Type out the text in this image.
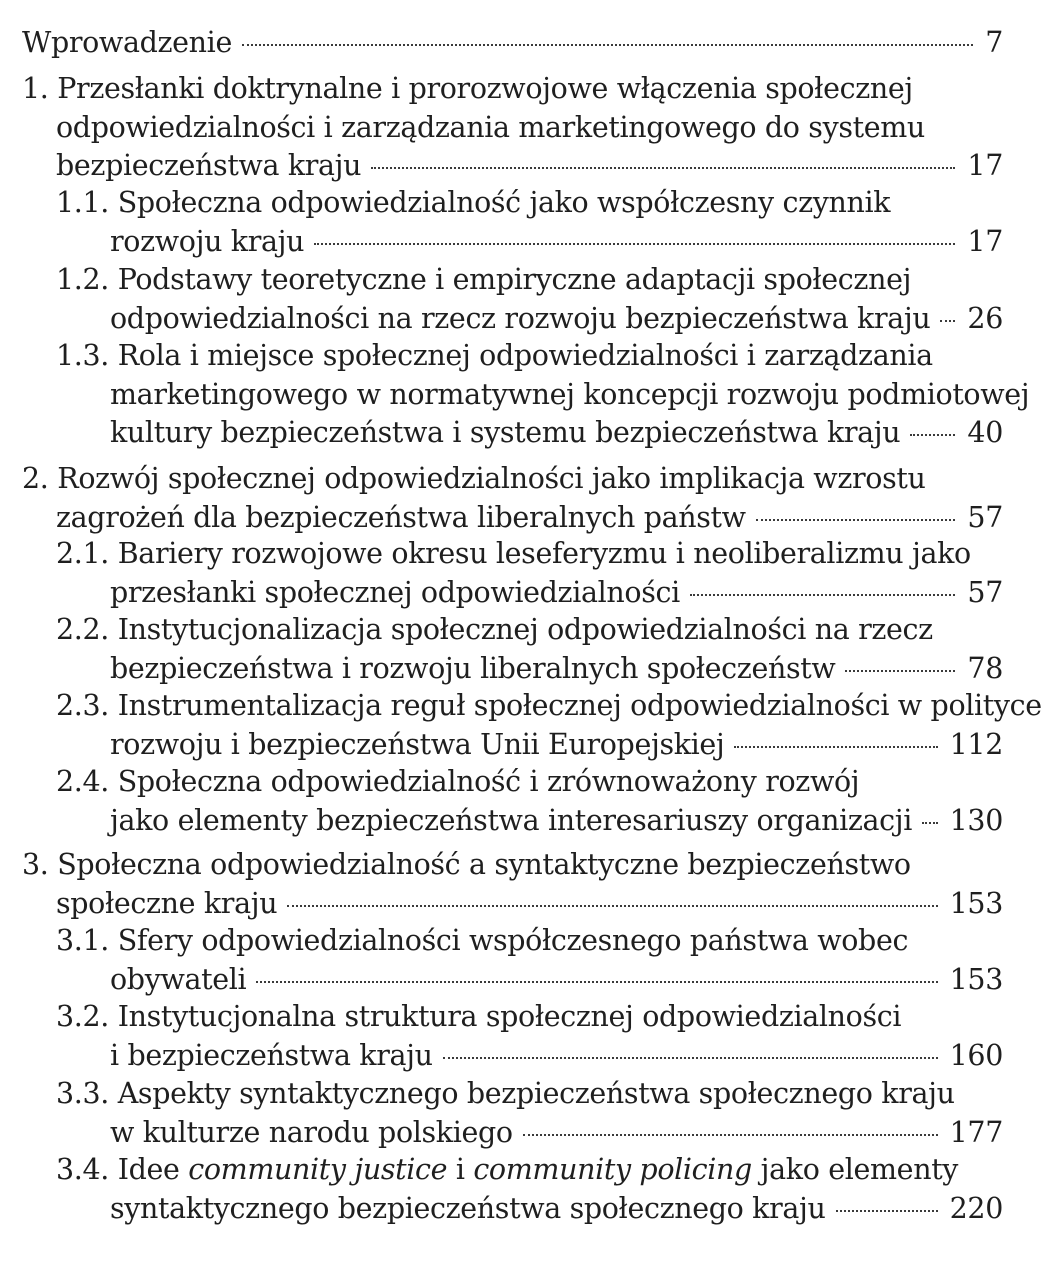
Wprowadzenie	7
1. Przesłanki doktrynalne i prorozwojowe włączenia społecznej
odpowiedzialności i zarządzania marketingowego do systemu
bezpieczeństwa kraju	17
1.1. Społeczna odpowiedzialność jako współczesny czynnik
rozwoju kraju	17
1.2. Podstawy teoretyczne i empiryczne adaptacji społecznej
odpowiedzialności na rzecz rozwoju bezpieczeństwa kraju 26
1.3. Rola i miejsce społecznej odpowiedzialności i zarządzania
marketingowego w normatywnej koncepcji rozwoju podmiotowej
kultury bezpieczeństwa i systemu bezpieczeństwa kraju 40
2. Rozwój społecznej odpowiedzialności jako implikacja wzrostu
zagrożeń dla bezpieczeństwa liberalnych państw	57
2.1. Bariery rozwojowe okresu leseferyzmu i neoliberalizmu jako
przesłanki społecznej odpowiedzialności	57
2.2. Instytucjonalizacja społecznej odpowiedzialności na rzecz
bezpieczeństwa i rozwoju liberalnych społeczeństw	78
2.3. Instrumentalizacja reguł społecznej odpowiedzialności w polityce
rozwoju i bezpieczeństwa Unii Europejskiej	112
2.4. Społeczna odpowiedzialność i zrównoważony rozwój
jako elementy bezpieczeństwa interesariuszy organizacji 130
3. Społeczna odpowiedzialność a syntaktyczne bezpieczeństwo
społeczne kraju	153
3.1. Sfery odpowiedzialności współczesnego państwa wobec
obywateli	153
3.2. Instytucjonalna struktura społecznej odpowiedzialności
i bezpieczeństwa kraju	160
3.3. Aspekty syntaktycznego bezpieczeństwa społecznego kraju
w kulturze narodu polskiego	177
3.4. Idee community justice i community policing jako elementy
syntaktycznego bezpieczeństwa społecznego kraju	220
